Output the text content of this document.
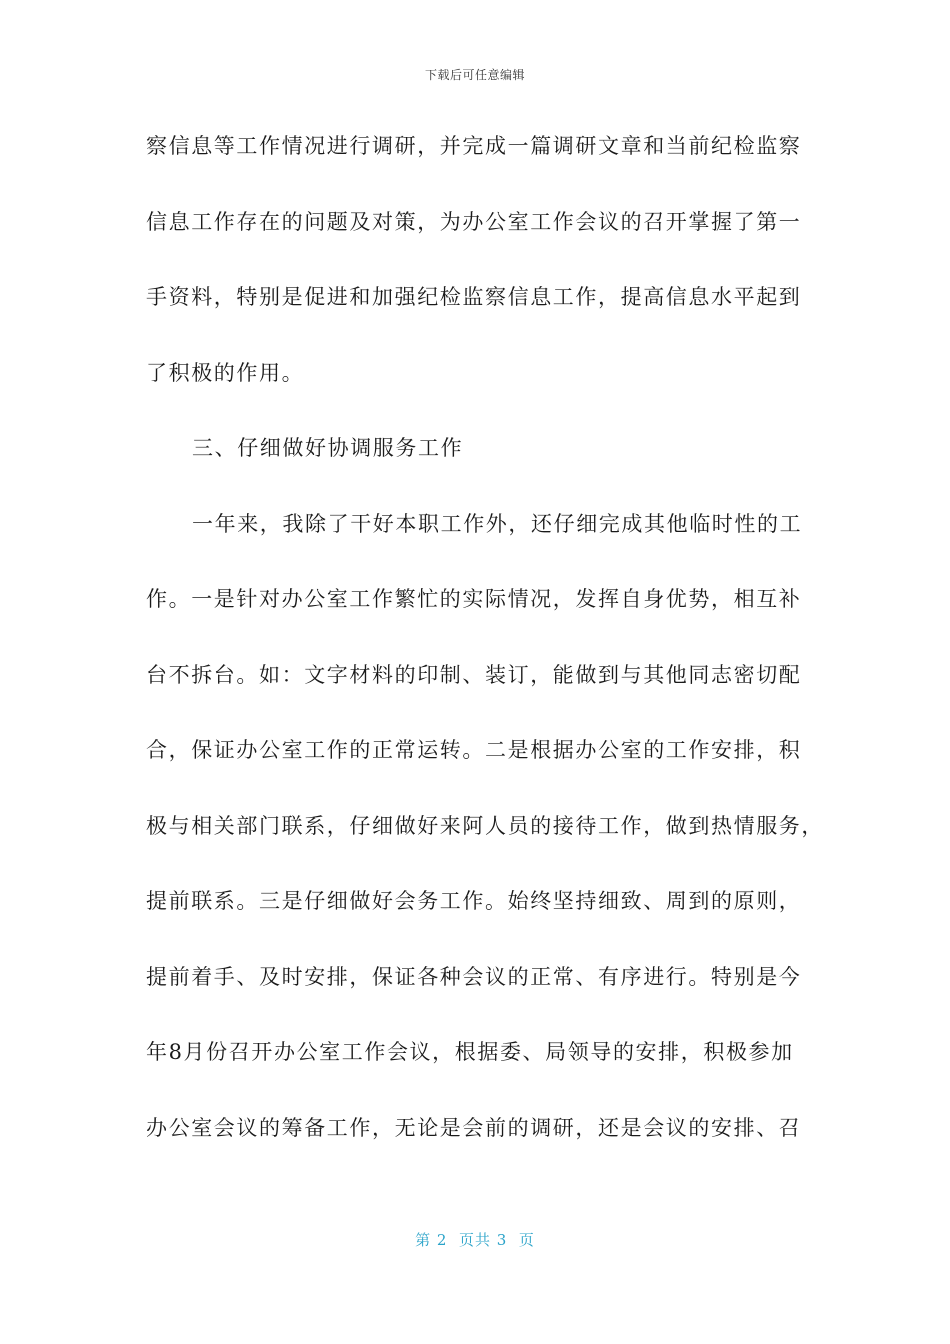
下载后可任意编辑
察信息等工作情况进行调研，并完成一篇调研文章和当前纪检监察
信息工作存在的问题及对策，为办公室工作会议的召开掌握了第一
手资料，特别是促进和加强纪检监察信息工作，提高信息水平起到
了积极的作用。
三、仔细做好协调服务工作
一年来，我除了干好本职工作外，还仔细完成其他临时性的工
作。一是针对办公室工作繁忙的实际情况，发挥自身优势，相互补
台不拆台。如：文字材料的印制、装订，能做到与其他同志密切配
合，保证办公室工作的正常运转。二是根据办公室的工作安排，积
极与相关部门联系，仔细做好来阿人员的接待工作，做到热情服务，
提前联系。三是仔细做好会务工作。始终坚持细致、周到的原则，
提前着手、及时安排，保证各种会议的正常、有序进行。特别是今
年8月份召开办公室工作会议，根据委、局领导的安排，积极参加
办公室会议的筹备工作，无论是会前的调研，还是会议的安排、召
第 2  页共 3  页
